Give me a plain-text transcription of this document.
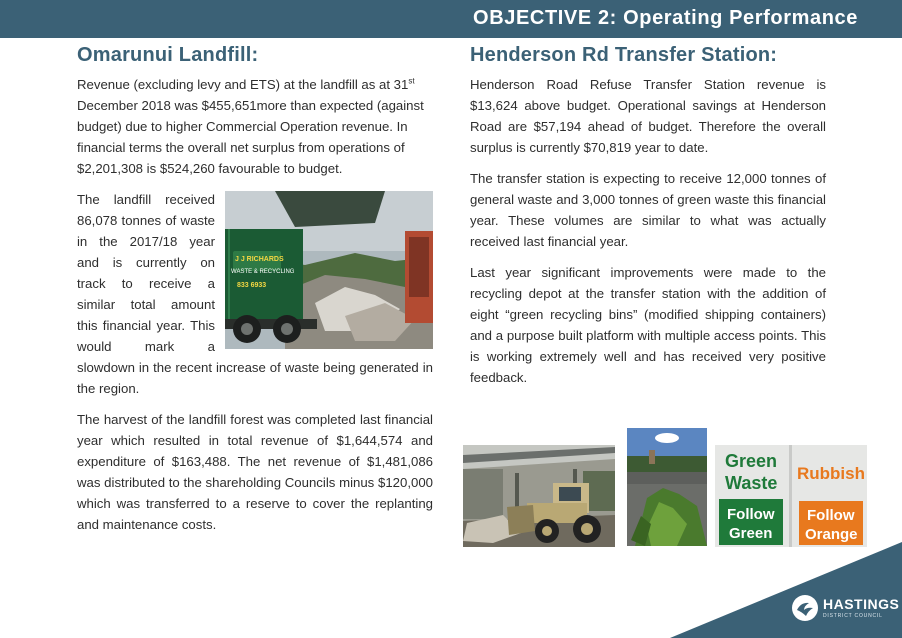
OBJECTIVE 2: Operating Performance
Omarunui Landfill:

Revenue (excluding levy and ETS) at the landfill as at 31st December 2018 was $455,651more than expected (against budget) due to higher Commercial Operation revenue. In financial terms the overall net surplus from operations of $2,201,308 is $524,260 favourable to budget.

J J RICHARDS
WASTE & RECYCLING
833 6933
The landfill received 86,078 tonnes of waste in the 2017/18 year and is currently on track to receive a similar total amount this financial year. This would mark a slowdown in the recent increase of waste being generated in the region.

The harvest of the landfill forest was completed last financial year which resulted in total revenue of $1,644,574 and expenditure of $163,488. The net revenue of $1,481,086 was distributed to the shareholding Councils minus $120,000 which was transferred to a reserve to cover the replanting and maintenance costs.

Henderson Rd Transfer Station:

Henderson Road Refuse Transfer Station revenue is $13,624 above budget. Operational savings at Henderson Road are $57,194 ahead of budget. Therefore the overall surplus is currently $70,819 year to date.

The transfer station is expecting to receive 12,000 tonnes of general waste and 3,000 tonnes of green waste this financial year. These volumes are similar to what was actually received last financial year.

Last year significant improvements were made to the recycling depot at the transfer station with the addition of eight “green recycling bins” (modified shipping containers) and a purpose built platform with multiple access points. This is working extremely well and has received very positive feedback.

Green
Waste
Follow
Green
Rubbish
Follow
Orange
HASTINGS
DISTRICT COUNCIL
